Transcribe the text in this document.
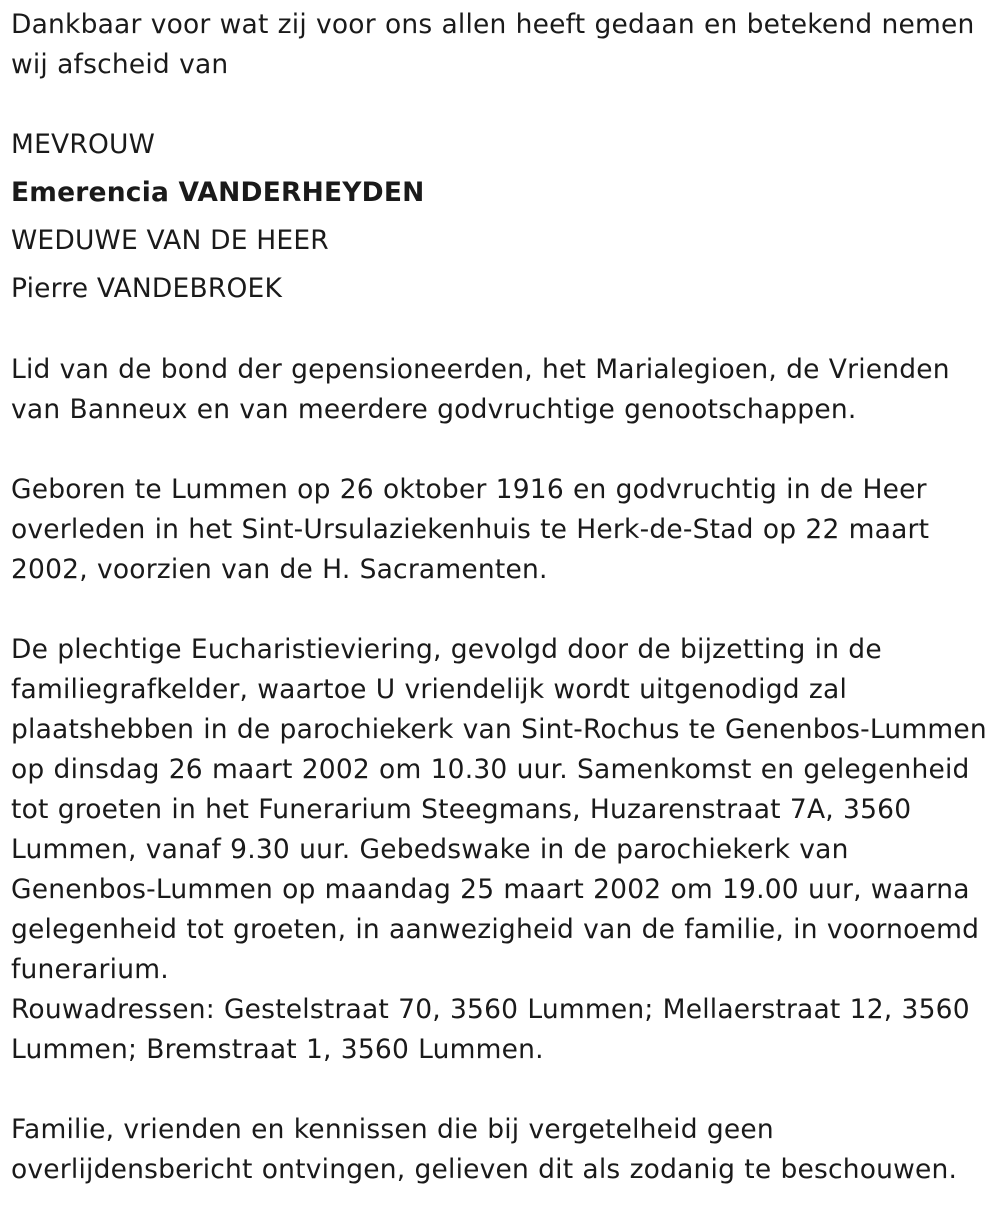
Dankbaar voor wat zij voor ons allen heeft gedaan en betekend nemen wij afscheid van

MEVROUW

Emerencia VANDERHEYDEN

WEDUWE VAN DE HEER

Pierre VANDEBROEK

Lid van de bond der gepensioneerden, het Marialegioen, de Vrienden van Banneux en van meerdere godvruchtige genootschappen.

Geboren te Lummen op 26 oktober 1916 en godvruchtig in de Heer overleden in het Sint-Ursulaziekenhuis te Herk-de-Stad op 22 maart 2002, voorzien van de H. Sacramenten.

De plechtige Eucharistieviering, gevolgd door de bijzetting in de familiegrafkelder, waartoe U vriendelijk wordt uitgenodigd zal plaatshebben in de parochiekerk van Sint-Rochus te Genenbos-Lummen op dinsdag 26 maart 2002 om 10.30 uur. Samenkomst en gelegenheid tot groeten in het Funerarium Steegmans, Huzarenstraat 7A, 3560 Lummen, vanaf 9.30 uur. Gebedswake in de parochiekerk van Genenbos-Lummen op maandag 25 maart 2002 om 19.00 uur, waarna gelegenheid tot groeten, in aanwezigheid van de familie, in voornoemd funerarium.

Rouwadressen: Gestelstraat 70, 3560 Lummen; Mellaerstraat 12, 3560 Lummen; Bremstraat 1, 3560 Lummen.

Familie, vrienden en kennissen die bij vergetelheid geen overlijdensbericht ontvingen, gelieven dit als zodanig te beschouwen.
